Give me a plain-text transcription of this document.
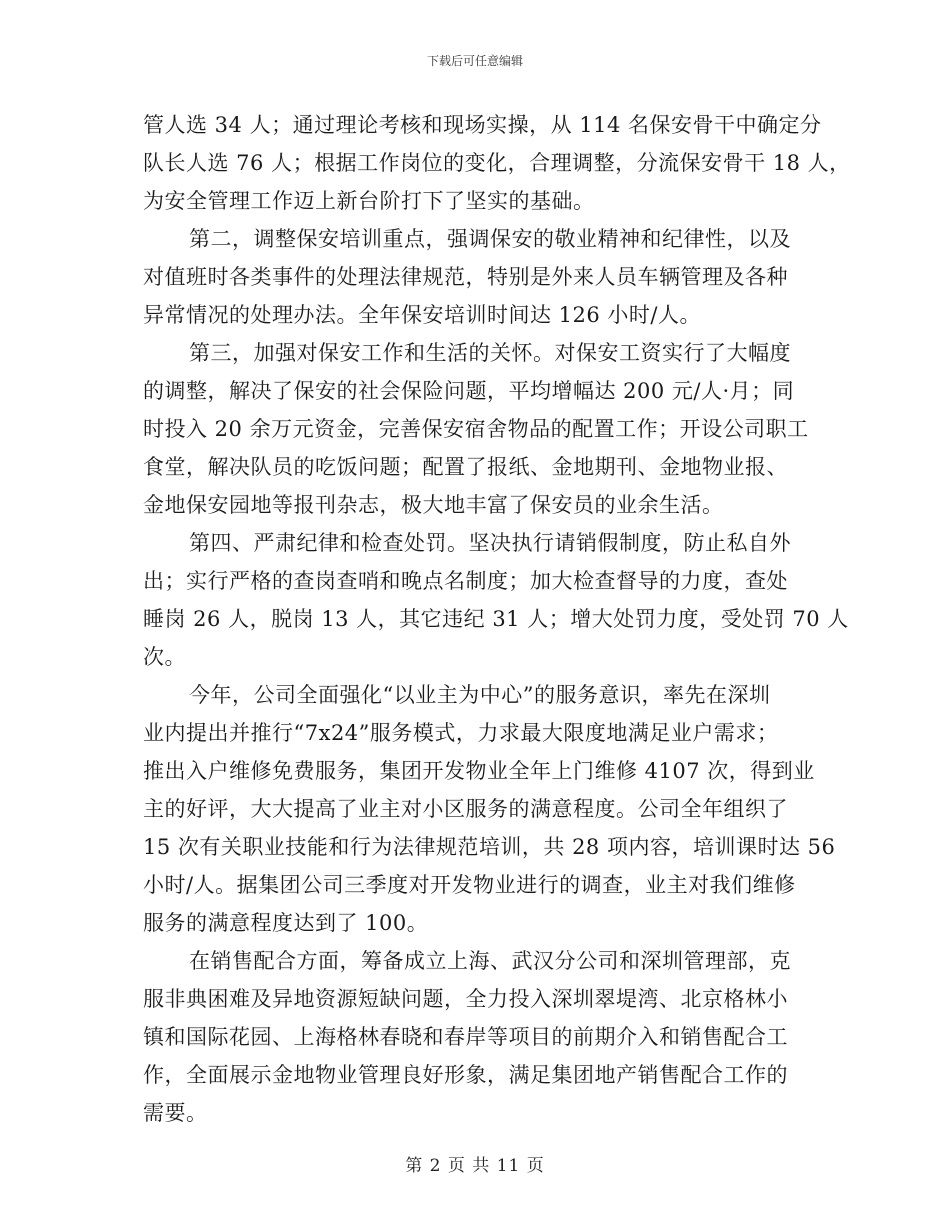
下载后可任意编辑
管人选 34 人；通过理论考核和现场实操，从 114 名保安骨干中确定分
队长人选 76 人；根据工作岗位的变化，合理调整，分流保安骨干 18 人，
为安全管理工作迈上新台阶打下了坚实的基础。
第二，调整保安培训重点，强调保安的敬业精神和纪律性，以及
对值班时各类事件的处理法律规范，特别是外来人员车辆管理及各种
异常情况的处理办法。全年保安培训时间达 126 小时/人。
第三，加强对保安工作和生活的关怀。对保安工资实行了大幅度
的调整，解决了保安的社会保险问题，平均增幅达 200 元/人·月；同
时投入 20 余万元资金，完善保安宿舍物品的配置工作；开设公司职工
食堂，解决队员的吃饭问题；配置了报纸、金地期刊、金地物业报、
金地保安园地等报刊杂志，极大地丰富了保安员的业余生活。
第四、严肃纪律和检查处罚。坚决执行请销假制度，防止私自外
出；实行严格的查岗查哨和晚点名制度；加大检查督导的力度，查处
睡岗 26 人，脱岗 13 人，其它违纪 31 人；增大处罚力度，受处罚 70 人
次。
今年，公司全面强化“以业主为中心”的服务意识，率先在深圳
业内提出并推行“7x24”服务模式，力求最大限度地满足业户需求；
推出入户维修免费服务，集团开发物业全年上门维修 4107 次，得到业
主的好评，大大提高了业主对小区服务的满意程度。公司全年组织了
15 次有关职业技能和行为法律规范培训，共 28 项内容，培训课时达 56
小时/人。据集团公司三季度对开发物业进行的调查，业主对我们维修
服务的满意程度达到了 100。
在销售配合方面，筹备成立上海、武汉分公司和深圳管理部，克
服非典困难及异地资源短缺问题，全力投入深圳翠堤湾、北京格林小
镇和国际花园、上海格林春晓和春岸等项目的前期介入和销售配合工
作，全面展示金地物业管理良好形象，满足集团地产销售配合工作的
需要。
第 2 页 共 11 页
